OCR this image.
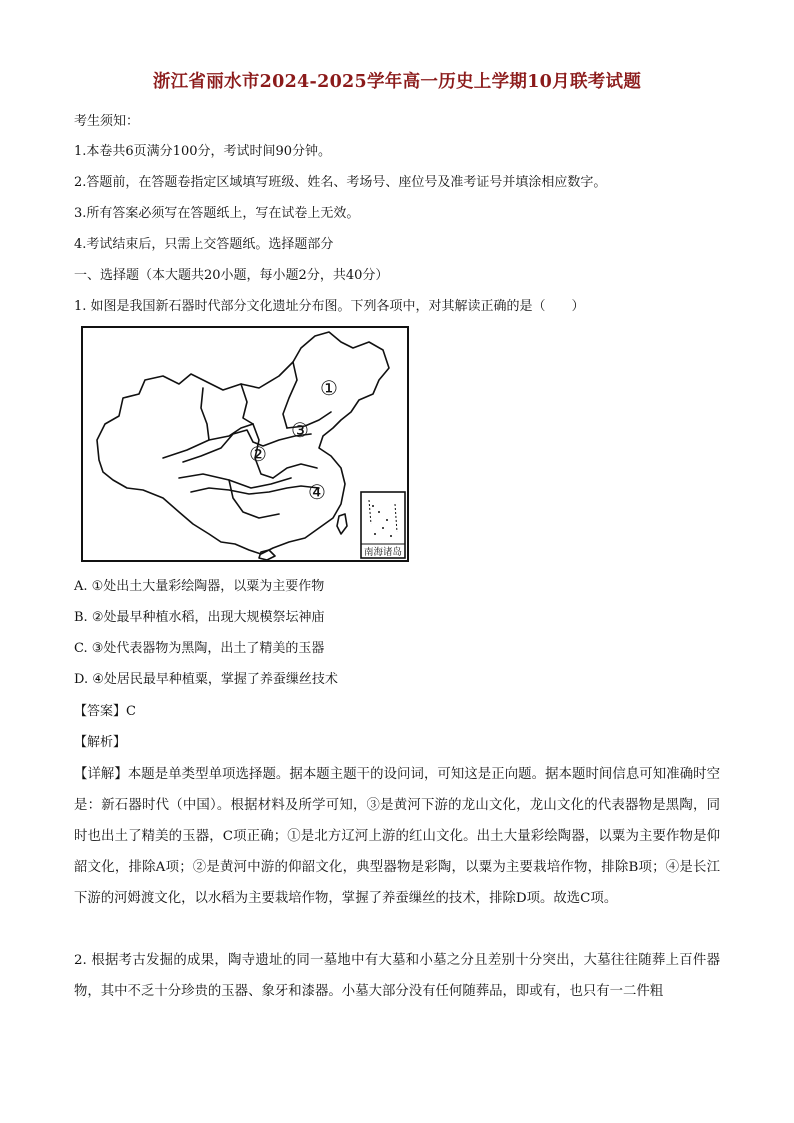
浙江省丽水市2024-2025学年高一历史上学期10月联考试题
考生须知：
1.本卷共6页满分100分，考试时间90分钟。
2.答题前，在答题卷指定区域填写班级、姓名、考场号、座位号及准考证号并填涂相应数字。
3.所有答案必须写在答题纸上，写在试卷上无效。
4.考试结束后，只需上交答题纸。选择题部分
一、选择题（本大题共20小题，每小题2分，共40分）
1. 如图是我国新石器时代部分文化遗址分布图。下列各项中，对其解读正确的是（　　）
南海诸岛
①
②
③
④
A. ①处出土大量彩绘陶器，以粟为主要作物
B. ②处最早种植水稻，出现大规模祭坛神庙
C. ③处代表器物为黑陶，出土了精美的玉器
D. ④处居民最早种植粟，掌握了养蚕缫丝技术
【答案】C
【解析】
【详解】本题是单类型单项选择题。据本题主题干的设问词，可知这是正向题。据本题时间信息可知准确时空是：新石器时代（中国）。根据材料及所学可知，③是黄河下游的龙山文化，龙山文化的代表器物是黑陶，同时也出土了精美的玉器，C项正确；①是北方辽河上游的红山文化。出土大量彩绘陶器，以粟为主要作物是仰韶文化，排除A项；②是黄河中游的仰韶文化，典型器物是彩陶，以粟为主要栽培作物，排除B项；④是长江下游的河姆渡文化，以水稻为主要栽培作物，掌握了养蚕缫丝的技术，排除D项。故选C项。
2. 根据考古发掘的成果，陶寺遗址的同一墓地中有大墓和小墓之分且差别十分突出，大墓往往随葬上百件器物，其中不乏十分珍贵的玉器、象牙和漆器。小墓大部分没有任何随葬品，即或有，也只有一二件粗
